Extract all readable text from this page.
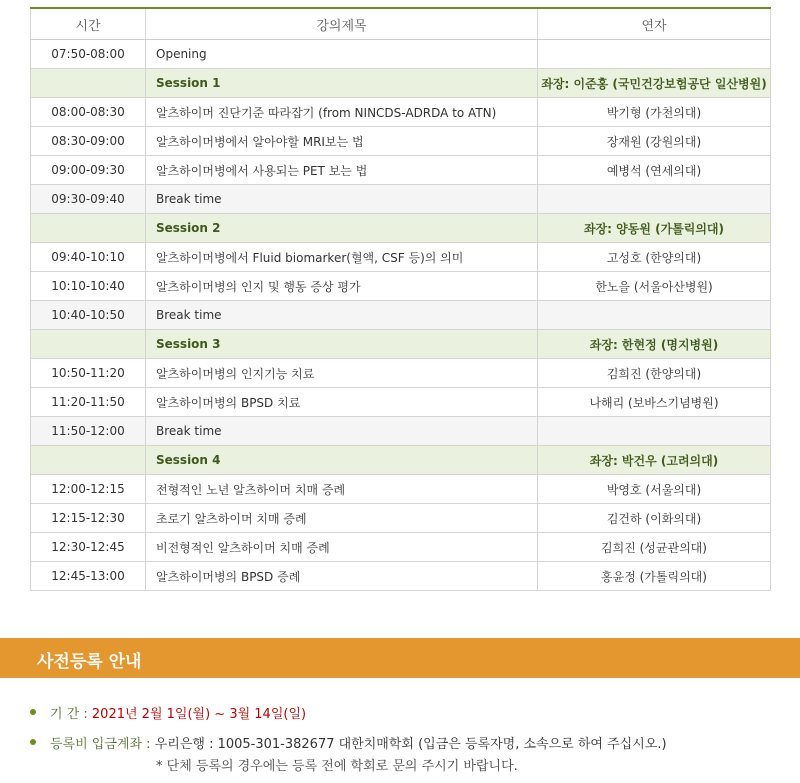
시간	강의제목	연자
07:50-08:00	Opening	
	Session 1	좌장: 이준홍 (국민건강보험공단 일산병원)
08:00-08:30	알츠하이머 진단기준 따라잡기 (from NINCDS-ADRDA to ATN)	박기형 (가천의대)
08:30-09:00	알츠하이머병에서 알아야할 MRI보는 법	장재원 (강원의대)
09:00-09:30	알츠하이머병에서 사용되는 PET 보는 법	예병석 (연세의대)
09:30-09:40	Break time	
	Session 2	좌장: 양동원 (가톨릭의대)
09:40-10:10	알츠하이머병에서 Fluid biomarker(혈액, CSF 등)의 의미	고성호 (한양의대)
10:10-10:40	알츠하이머병의 인지 및 행동 증상 평가	한노을 (서울아산병원)
10:40-10:50	Break time	
	Session 3	좌장: 한현정 (명지병원)
10:50-11:20	알츠하이머병의 인지기능 치료	김희진 (한양의대)
11:20-11:50	알츠하이머병의 BPSD 치료	나해리 (보바스기념병원)
11:50-12:00	Break time	
	Session 4	좌장: 박건우 (고려의대)
12:00-12:15	전형적인 노년 알츠하이머 치매 증례	박영호 (서울의대)
12:15-12:30	초로기 알츠하이머 치매 증례	김건하 (이화의대)
12:30-12:45	비전형적인 알츠하이머 치매 증례	김희진 (성균관의대)
12:45-13:00	알츠하이머병의 BPSD 증례	홍윤정 (가톨릭의대)
사전등록 안내
기 간 : 2021년 2월 1일(월) ~ 3월 14일(일)
등록비 입금계좌 : 우리은행 : 1005-301-382677 대한치매학회 (입금은 등록자명, 소속으로 하여 주십시오.)
* 단체 등록의 경우에는 등록 전에 학회로 문의 주시기 바랍니다.
